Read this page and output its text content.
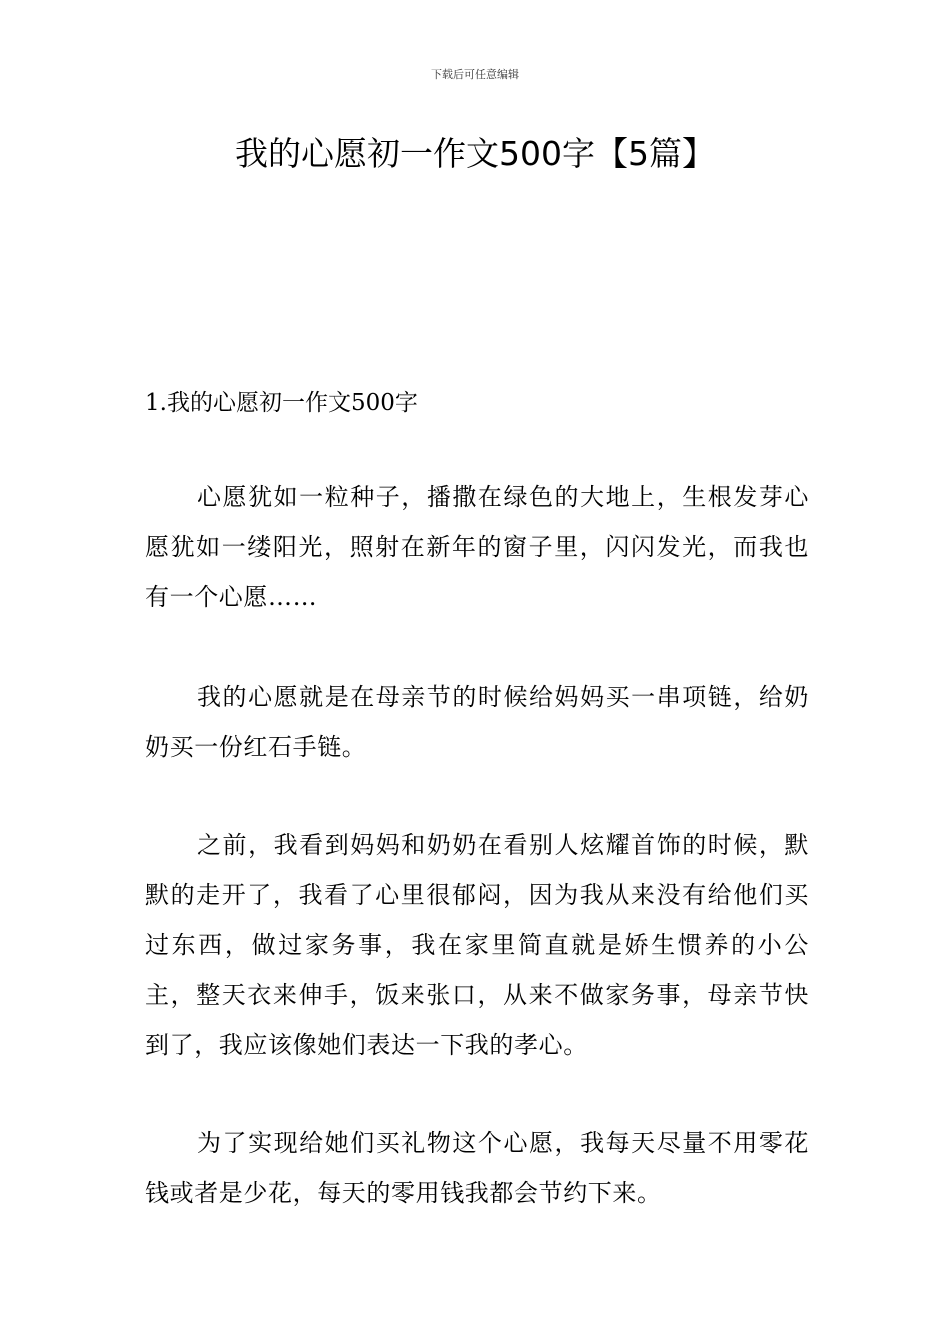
下载后可任意编辑
我的心愿初一作文500字【5篇】
1.我的心愿初一作文500字

心愿犹如一粒种子，播撒在绿色的大地上，生根发芽心愿犹如一缕阳光，照射在新年的窗子里，闪闪发光，而我也有一个心愿……

我的心愿就是在母亲节的时候给妈妈买一串项链，给奶奶买一份红石手链。

之前，我看到妈妈和奶奶在看别人炫耀首饰的时候，默默的走开了，我看了心里很郁闷，因为我从来没有给他们买过东西，做过家务事，我在家里简直就是娇生惯养的小公主，整天衣来伸手，饭来张口，从来不做家务事，母亲节快到了，我应该像她们表达一下我的孝心。

为了实现给她们买礼物这个心愿，我每天尽量不用零花钱或者是少花，每天的零用钱我都会节约下来。
